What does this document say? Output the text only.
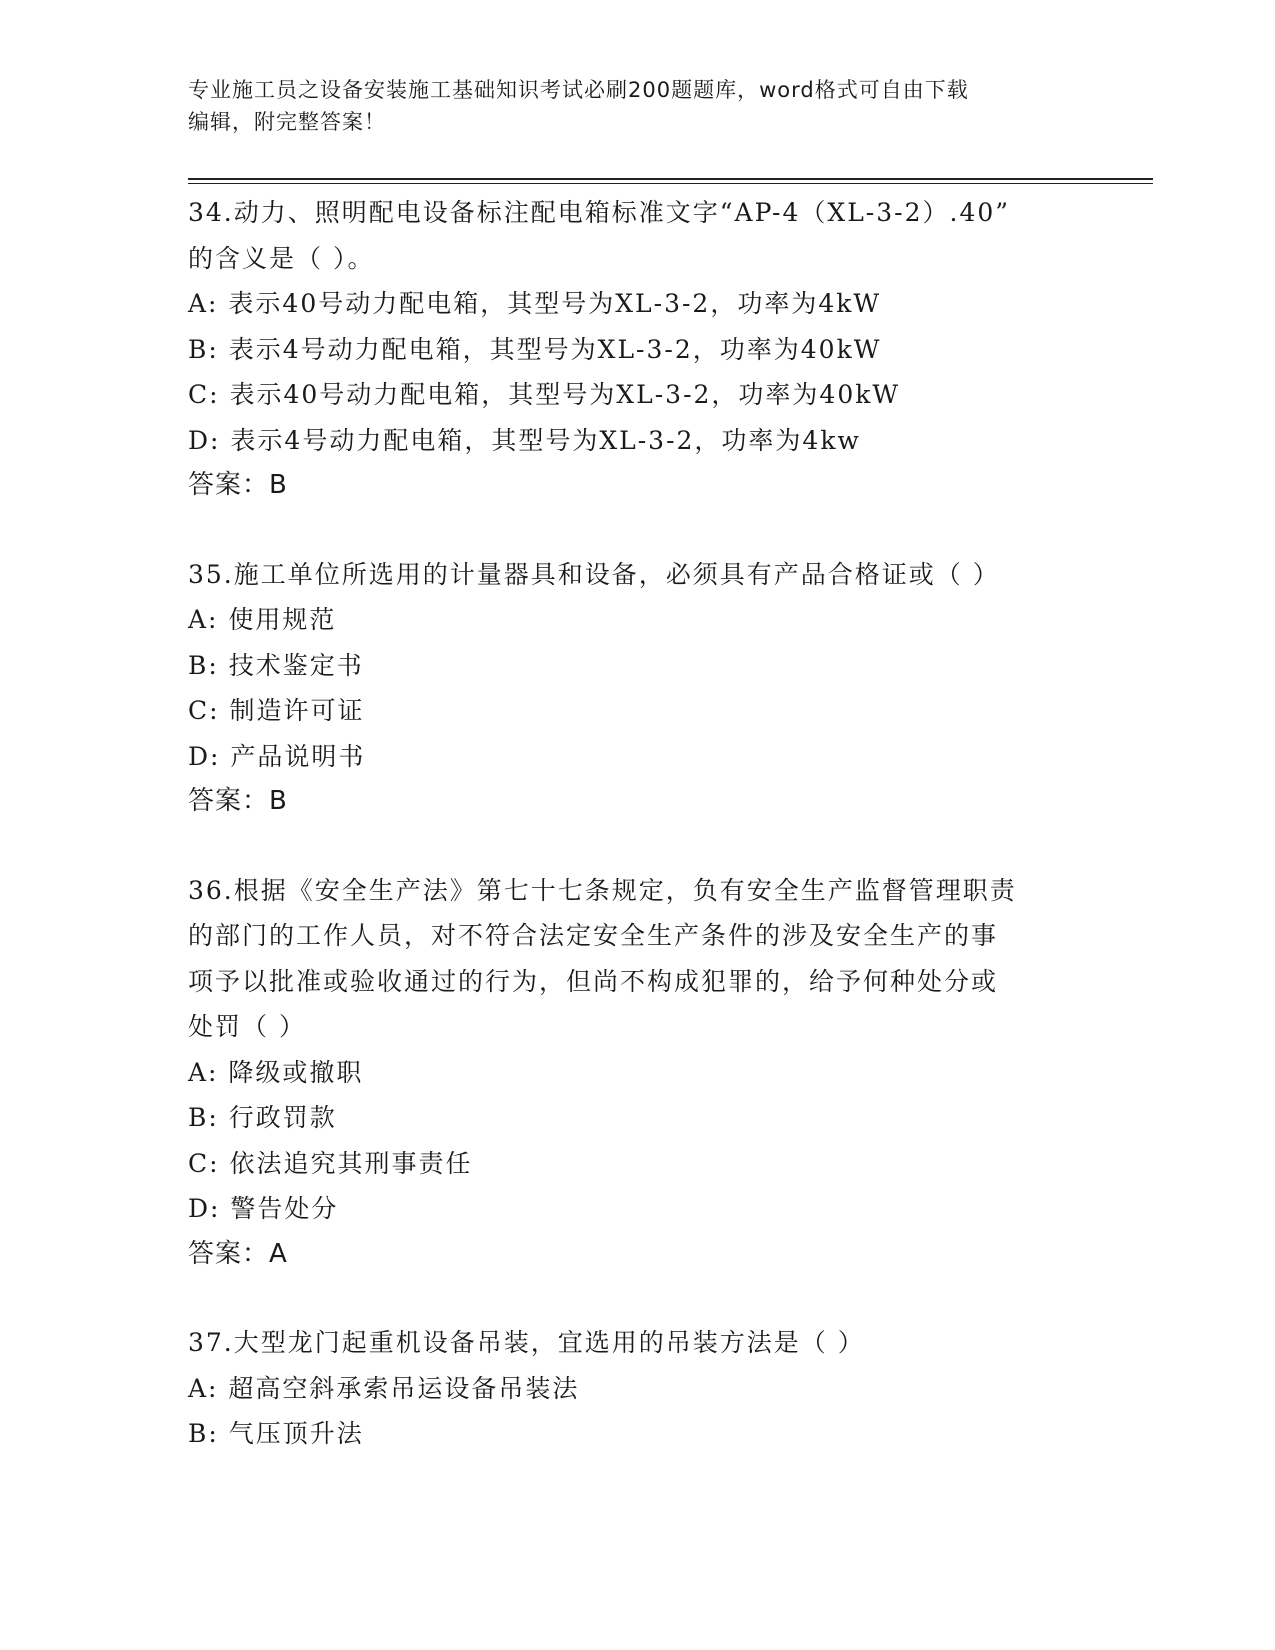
专业施工员之设备安装施工基础知识考试必刷200题题库，word格式可自由下载
编辑，附完整答案！
34.动力、照明配电设备标注配电箱标准文字“AP-4（XL-3-2）.40”
的含义是（ ）。
A: 表示40号动力配电箱，其型号为XL-3-2，功率为4kW
B: 表示4号动力配电箱，其型号为XL-3-2，功率为40kW
C: 表示40号动力配电箱，其型号为XL-3-2，功率为40kW
D: 表示4号动力配电箱，其型号为XL-3-2，功率为4kw
答案：B
35.施工单位所选用的计量器具和设备，必须具有产品合格证或（ ）
A: 使用规范
B: 技术鉴定书
C: 制造许可证
D: 产品说明书
答案：B
36.根据《安全生产法》第七十七条规定，负有安全生产监督管理职责
的部门的工作人员，对不符合法定安全生产条件的涉及安全生产的事
项予以批准或验收通过的行为，但尚不构成犯罪的，给予何种处分或
处罚（ ）
A: 降级或撤职
B: 行政罚款
C: 依法追究其刑事责任
D: 警告处分
答案：A
37.大型龙门起重机设备吊装，宜选用的吊装方法是（ ）
A: 超高空斜承索吊运设备吊装法
B: 气压顶升法
